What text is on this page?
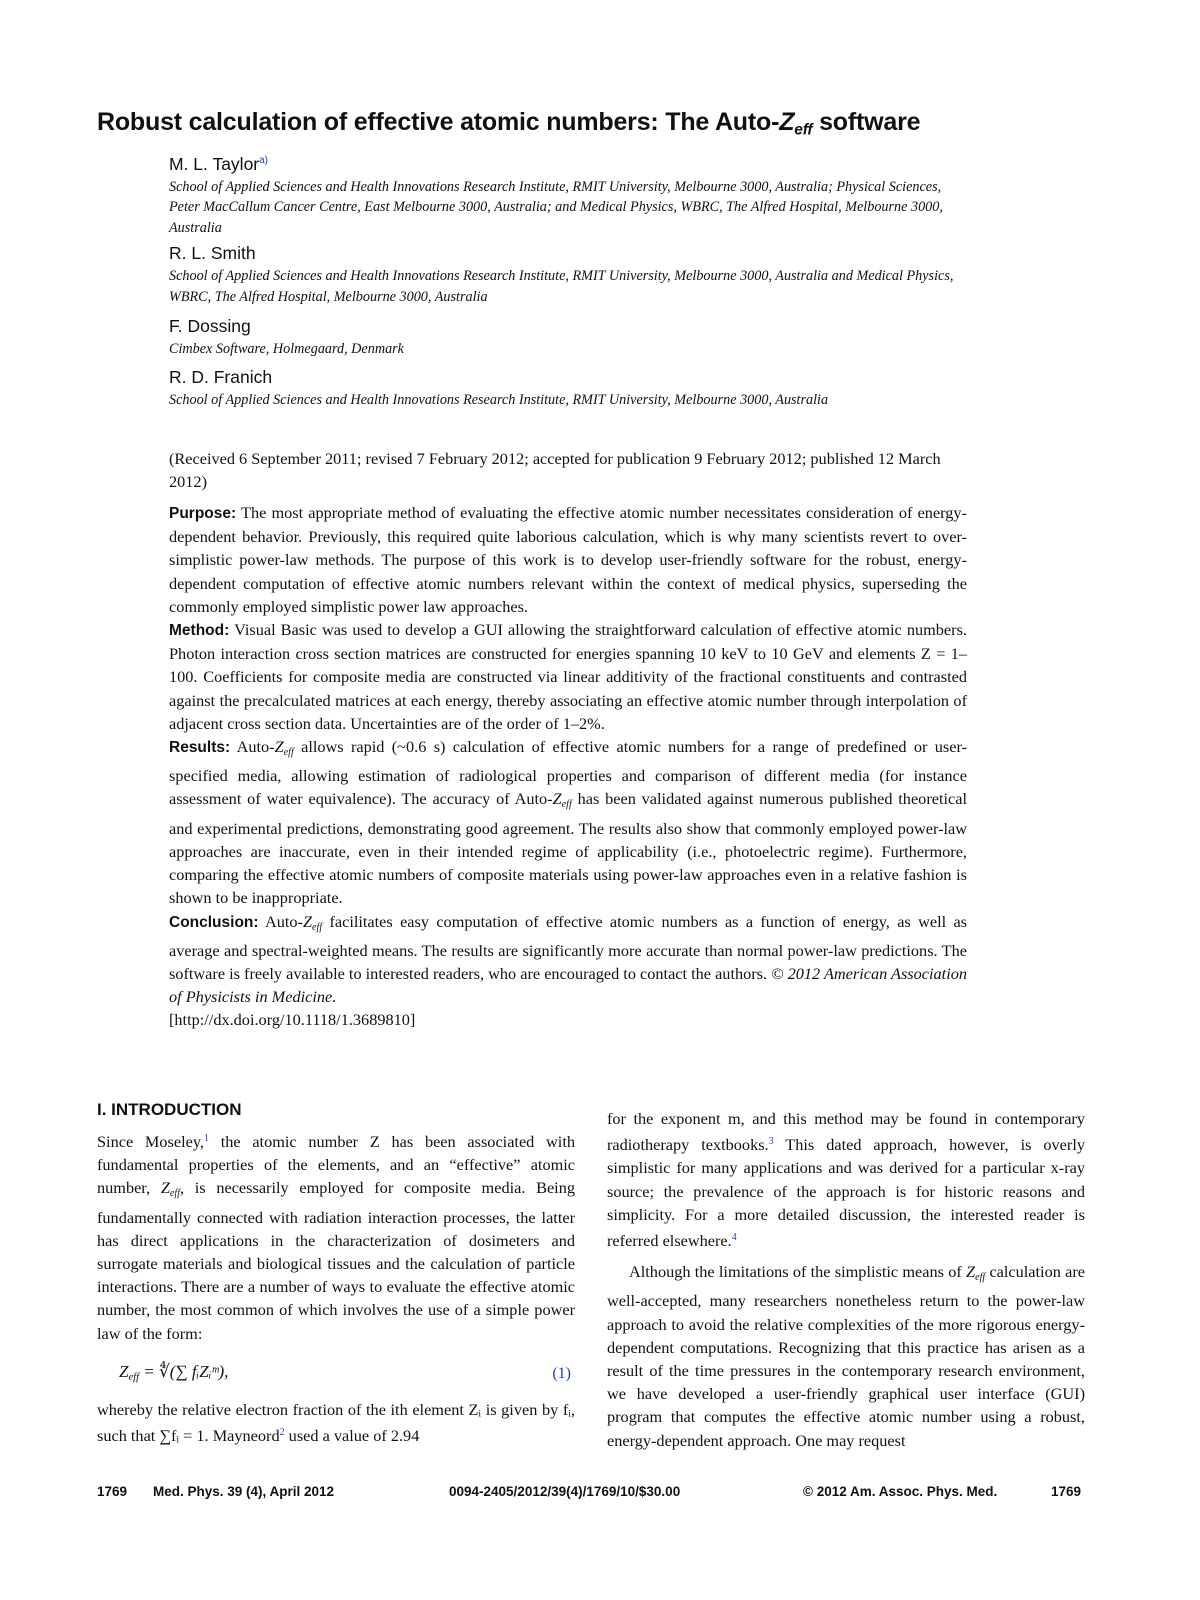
Robust calculation of effective atomic numbers: The Auto-$Z_{eff}$ software

M. L. Taylor$^{a)}$

School of Applied Sciences and Health Innovations Research Institute, RMIT University, Melbourne 3000, Australia; Physical Sciences, Peter MacCallum Cancer Centre, East Melbourne 3000, Australia; and Medical Physics, WBRC, The Alfred Hospital, Melbourne 3000, Australia

R. L. Smith

School of Applied Sciences and Health Innovations Research Institute, RMIT University, Melbourne 3000, Australia and Medical Physics, WBRC, The Alfred Hospital, Melbourne 3000, Australia

F. Dossing

Cimbex Software, Holmegaard, Denmark

R. D. Franich

School of Applied Sciences and Health Innovations Research Institute, RMIT University, Melbourne 3000, Australia

(Received 6 September 2011; revised 7 February 2012; accepted for publication 9 February 2012; published 12 March 2012)

Purpose: The most appropriate method of evaluating the effective atomic number necessitates consideration of energy-dependent behavior. Previously, this required quite laborious calculation, which is why many scientists revert to over-simplistic power-law methods. The purpose of this work is to develop user-friendly software for the robust, energy-dependent computation of effective atomic numbers relevant within the context of medical physics, superseding the commonly employed simplistic power law approaches.

Method: Visual Basic was used to develop a GUI allowing the straightforward calculation of effective atomic numbers. Photon interaction cross section matrices are constructed for energies spanning 10 keV to 10 GeV and elements Z = 1–100. Coefficients for composite media are constructed via linear additivity of the fractional constituents and contrasted against the precalculated matrices at each energy, thereby associating an effective atomic number through interpolation of adjacent cross section data. Uncertainties are of the order of 1–2%.

Results: Auto-$Z_{eff}$ allows rapid (~0.6 s) calculation of effective atomic numbers for a range of predefined or user-specified media, allowing estimation of radiological properties and comparison of different media (for instance assessment of water equivalence). The accuracy of Auto-$Z_{eff}$ has been validated against numerous published theoretical and experimental predictions, demonstrating good agreement. The results also show that commonly employed power-law approaches are inaccurate, even in their intended regime of applicability (i.e., photoelectric regime). Furthermore, comparing the effective atomic numbers of composite materials using power-law approaches even in a relative fashion is shown to be inappropriate.

Conclusion: Auto-$Z_{eff}$ facilitates easy computation of effective atomic numbers as a function of energy, as well as average and spectral-weighted means. The results are significantly more accurate than normal power-law predictions. The software is freely available to interested readers, who are encouraged to contact the authors. © 2012 American Association of Physicists in Medicine.

[http://dx.doi.org/10.1118/1.3689810]

I. INTRODUCTION

Since Moseley,$^1$ the atomic number Z has been associated with fundamental properties of the elements, and an “effective” atomic number, $Z_{eff}$, is necessarily employed for composite media. Being fundamentally connected with radiation interaction processes, the latter has direct applications in the characterization of dosimeters and surrogate materials and biological tissues and the calculation of particle interactions. There are a number of ways to evaluate the effective atomic number, the most common of which involves the use of a simple power law of the form:

$Z_{eff}$ = ∜(∑ fᵢZᵢᵐ),	(1)

whereby the relative electron fraction of the ith element Zᵢ is given by fᵢ, such that ∑fᵢ = 1. Mayneord$^2$ used a value of 2.94

for the exponent m, and this method may be found in contemporary radiotherapy textbooks.$^3$ This dated approach, however, is overly simplistic for many applications and was derived for a particular x-ray source; the prevalence of the approach is for historic reasons and simplicity. For a more detailed discussion, the interested reader is referred elsewhere.$^4$

Although the limitations of the simplistic means of $Z_{eff}$ calculation are well-accepted, many researchers nonetheless return to the power-law approach to avoid the relative complexities of the more rigorous energy-dependent computations. Recognizing that this practice has arisen as a result of the time pressures in the contemporary research environment, we have developed a user-friendly graphical user interface (GUI) program that computes the effective atomic number using a robust, energy-dependent approach. One may request

1769 Med. Phys. 39 (4), April 2012	0094-2405/2012/39(4)/1769/10/$30.00	© 2012 Am. Assoc. Phys. Med.	1769
